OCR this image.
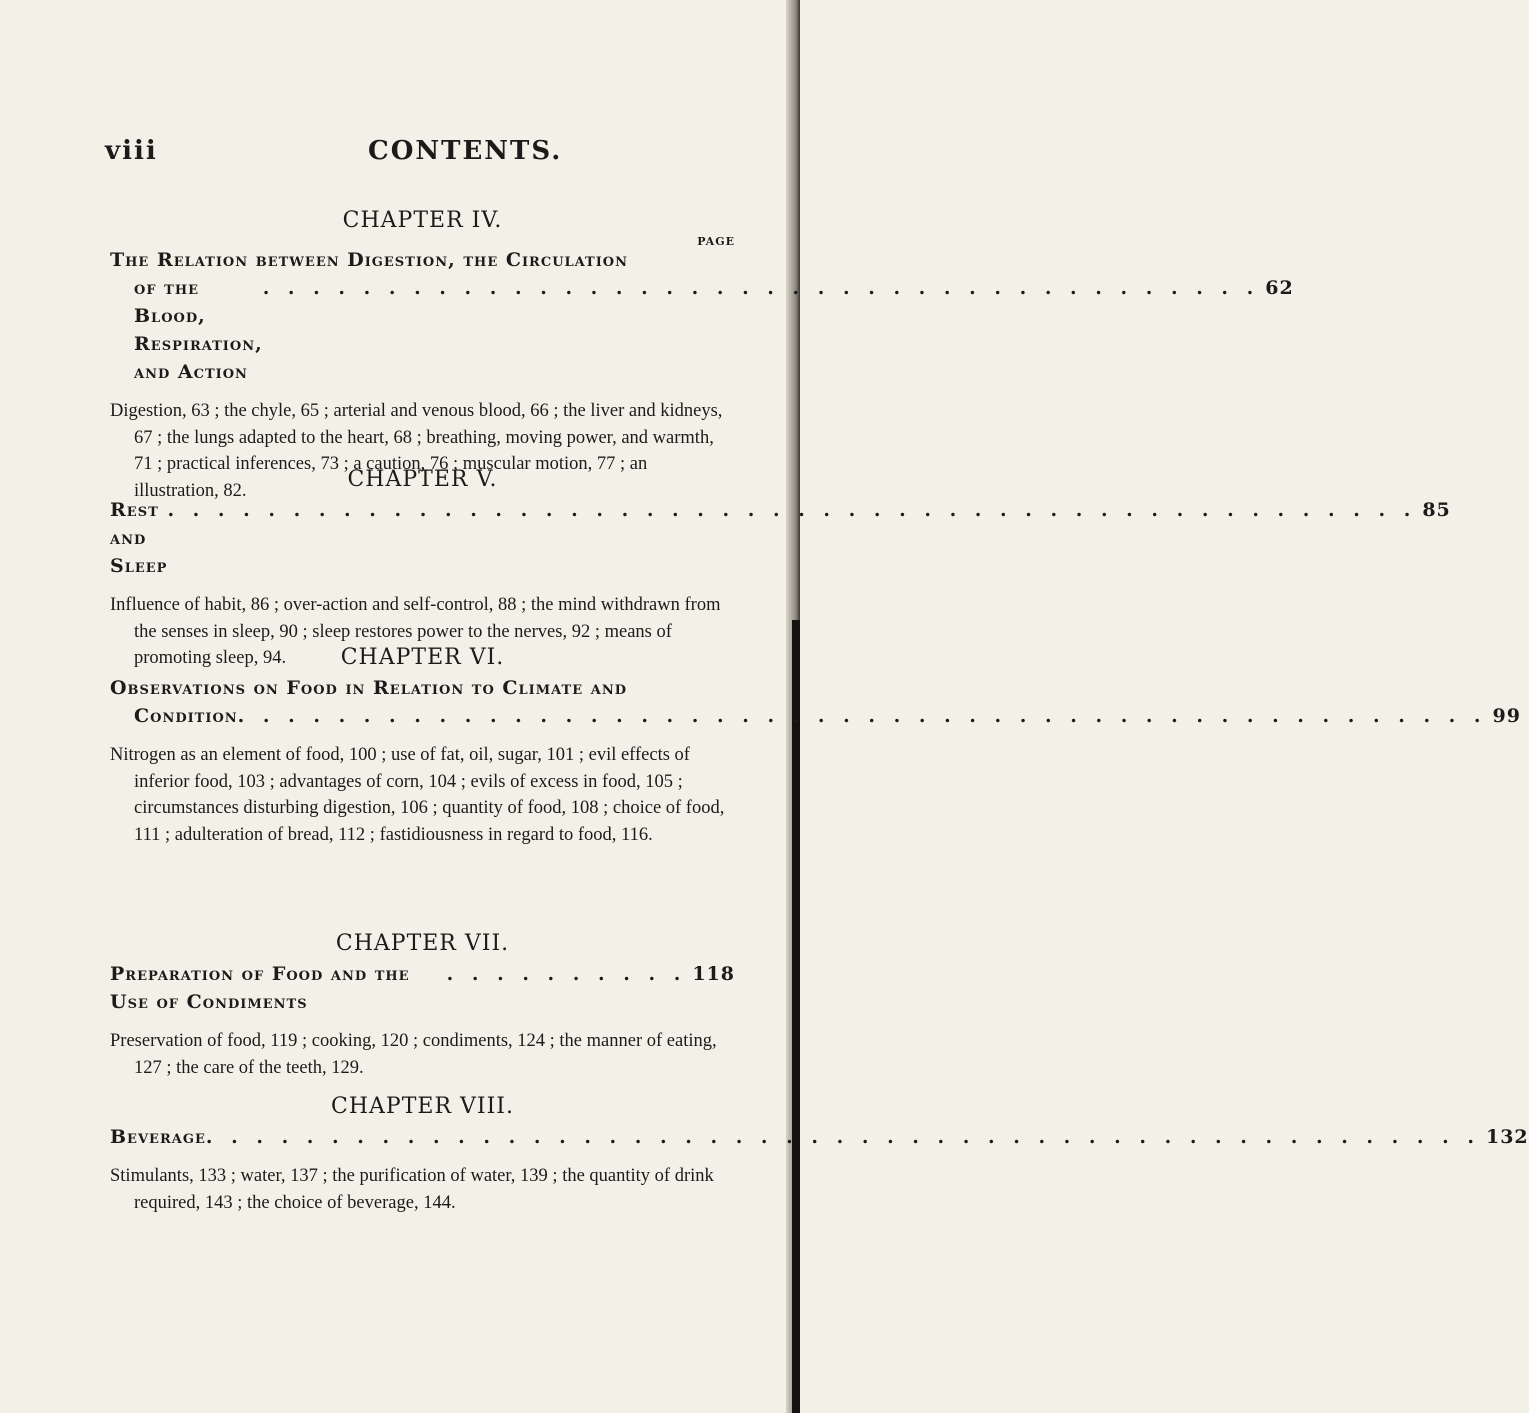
viii	CONTENTS.
CHAPTER IV.
PAGE
The Relation between Digestion, the Circulation
of the Blood, Respiration, and Action
. . . . . . . . . . . . . . . . . . . . . . . . . . . . . . . . . . . . . . . . 62

Digestion, 63 ; the chyle, 65 ; arterial and venous blood, 66 ; the liver and kidneys, 67 ; the lungs adapted to the heart, 68 ; breathing, moving power, and warmth, 71 ; practical inferences, 73 ; a caution, 76 ; muscular motion, 77 ; an illustration, 82.	CHAPTER V.
Rest and Sleep
. . . . . . . . . . . . . . . . . . . . . . . . . . . . . . . . . . . . . . . . . . . . . . . . . . 85

Influence of habit, 86 ; over-action and self-control, 88 ; the mind withdrawn from the senses in sleep, 90 ; sleep restores power to the nerves, 92 ; means of promoting sleep, 94.	CHAPTER VI.
Observations on Food in Relation to Climate and
Condition . . . . . . . . . . . . . . . . . . . . . . . . . . . . . . . . . . . . . . . . . . . . . . . . . . 99

Nitrogen as an element of food, 100 ; use of fat, oil, sugar, 101 ; evil effects of inferior food, 103 ; advantages of corn, 104 ; evils of excess in food, 105 ; circumstances disturbing digestion, 106 ; quantity of food, 108 ; choice of food, 111 ; adulteration of bread, 112 ; fastidiousness in regard to food, 116.

CHAPTER VII.
Preparation of Food and the Use of Condiments
. . . . . . . . . . 118

Preservation of food, 119 ; cooking, 120 ; condiments, 124 ; the manner of eating, 127 ; the care of the teeth, 129.

CHAPTER VIII.
Beverage . . . . . . . . . . . . . . . . . . . . . . . . . . . . . . . . . . . . . . . . . . . . . . . . . . . 132

Stimulants, 133 ; water, 137 ; the purification of water, 139 ; the quantity of drink required, 143 ; the choice of beverage, 144.
